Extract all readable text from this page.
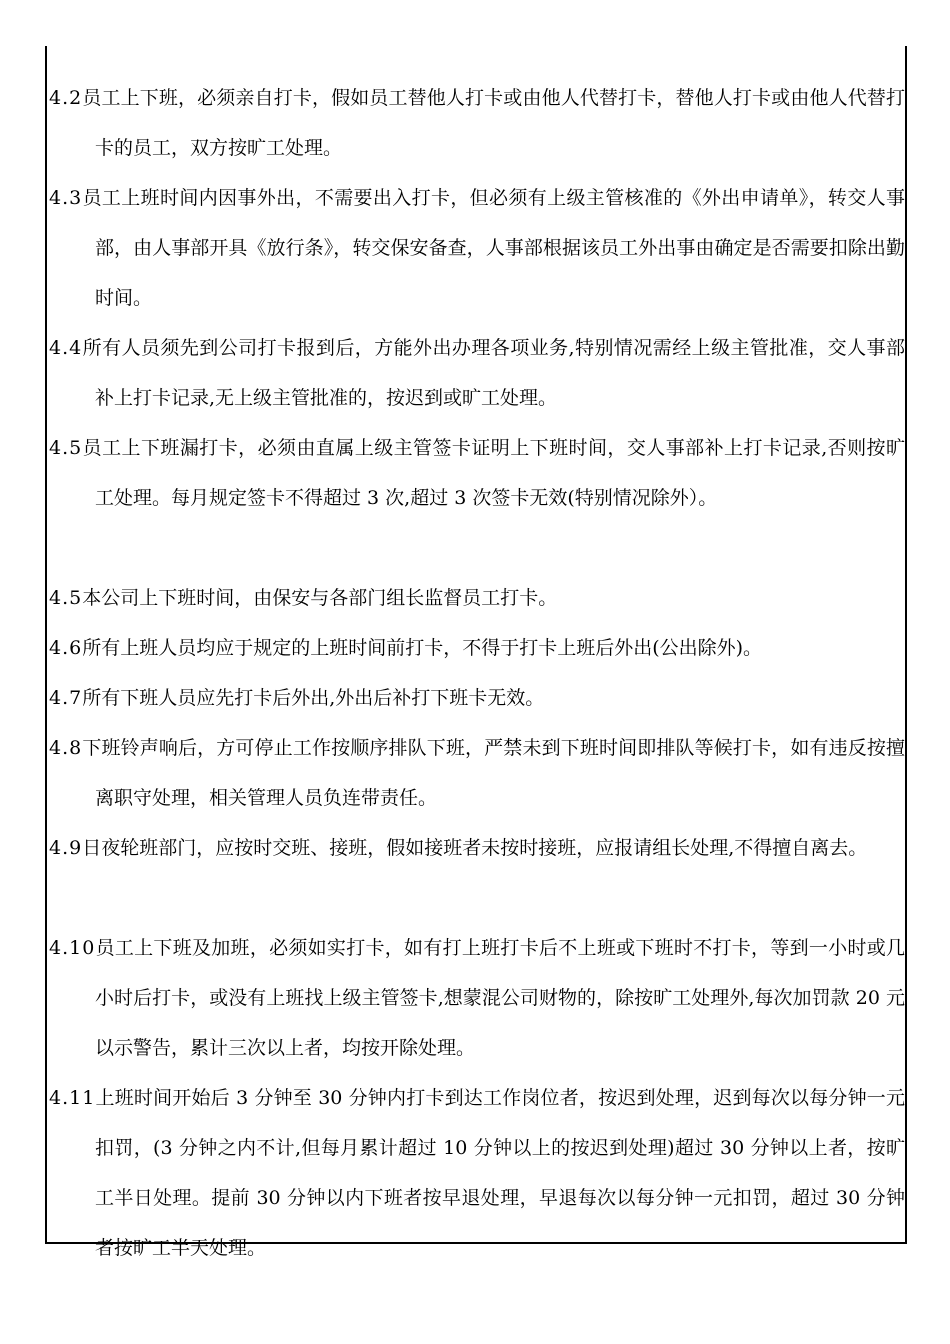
4.2员工上下班，必须亲自打卡，假如员工替他人打卡或由他人代替打卡，替他人打卡或由他人代替打卡的员工，双方按旷工处理。

4.3员工上班时间内因事外出，不需要出入打卡，但必须有上级主管核准的《外出申请单》，转交人事部，由人事部开具《放行条》，转交保安备查，人事部根据该员工外出事由确定是否需要扣除出勤时间。

4.4所有人员须先到公司打卡报到后，方能外出办理各项业务,特别情况需经上级主管批准，交人事部补上打卡记录,无上级主管批准的，按迟到或旷工处理。

4.5员工上下班漏打卡，必须由直属上级主管签卡证明上下班时间，交人事部补上打卡记录,否则按旷工处理。每月规定签卡不得超过 3 次,超过 3 次签卡无效(特别情况除外）。

4.5本公司上下班时间，由保安与各部门组长监督员工打卡。

4.6所有上班人员均应于规定的上班时间前打卡，不得于打卡上班后外出(公出除外)。

4.7所有下班人员应先打卡后外出,外出后补打下班卡无效。

4.8下班铃声响后，方可停止工作按顺序排队下班，严禁未到下班时间即排队等候打卡，如有违反按擅离职守处理，相关管理人员负连带责任。

4.9日夜轮班部门，应按时交班、接班，假如接班者未按时接班，应报请组长处理,不得擅自离去。

4.10员工上下班及加班，必须如实打卡，如有打上班打卡后不上班或下班时不打卡，等到一小时或几小时后打卡，或没有上班找上级主管签卡,想蒙混公司财物的，除按旷工处理外,每次加罚款 20 元以示警告，累计三次以上者，均按开除处理。

4.11上班时间开始后 3 分钟至 30 分钟内打卡到达工作岗位者，按迟到处理，迟到每次以每分钟一元扣罚，(3 分钟之内不计,但每月累计超过 10 分钟以上的按迟到处理)超过 30 分钟以上者，按旷工半日处理。提前 30 分钟以内下班者按早退处理，早退每次以每分钟一元扣罚，超过 30 分钟者按旷工半天处理。
